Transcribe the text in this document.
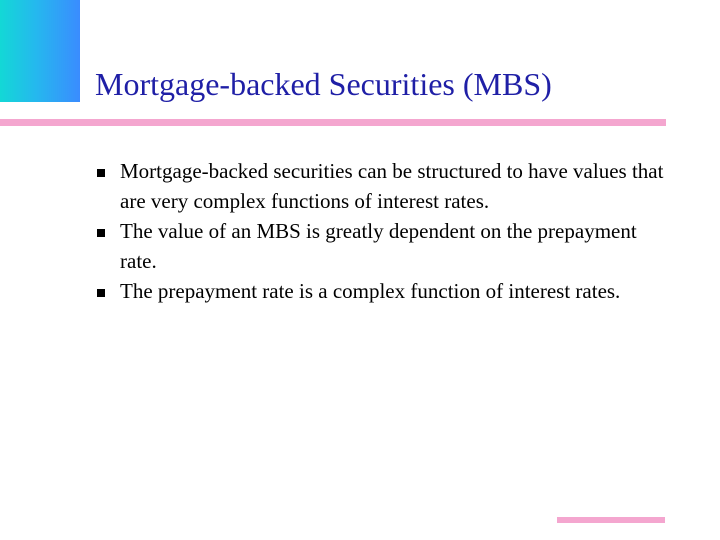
Mortgage-backed Securities (MBS)
Mortgage-backed securities can be structured to have values that are very complex functions of interest rates.
The value of an MBS is greatly dependent on the prepayment rate.
The prepayment rate is a complex function of interest rates.
